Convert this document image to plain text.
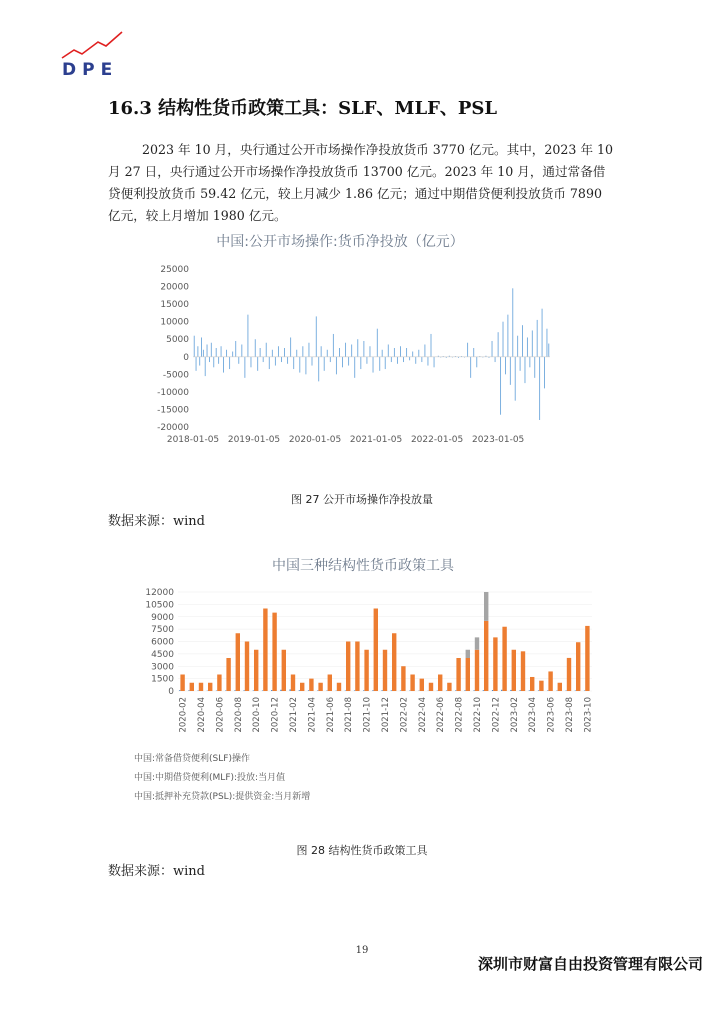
DPE
16.3 结构性货币政策工具：SLF、MLF、PSL
2023 年 10 月，央行通过公开市场操作净投放货币 3770 亿元。其中，2023 年 10 月 27 日，央行通过公开市场操作净投放货币 13700 亿元。2023 年 10 月，通过常备借贷便利投放货币 59.42 亿元，较上月减少 1.86 亿元；通过中期借贷便利投放货币 7890 亿元，较上月增加 1980 亿元。
中国:公开市场操作:货币净投放（亿元）
25000
20000
15000
10000
5000
0
-5000
-10000
-15000
-20000
2018-01-05 2019-01-05 2020-01-05 2021-01-05 2022-01-05 2023-01-05
图 27 公开市场操作净投放量
数据来源：wind
中国三种结构性货币政策工具
0
1500
3000
4500
6000
7500
9000
10500
12000
2020-02 2020-04 2020-06 2020-08 2020-10 2020-12 2021-02 2021-04 2021-06 2021-08 2021-10 2021-12 2022-02 2022-04 2022-06 2022-08 2022-10 2022-12 2023-02 2023-04 2023-06 2023-08 2023-10
中国:常备借贷便利(SLF)操作
中国:中期借贷便利(MLF):投放:当月值
中国:抵押补充贷款(PSL):提供资金:当月新增
图 28 结构性货币政策工具
数据来源：wind
19
深圳市财富自由投资管理有限公司
